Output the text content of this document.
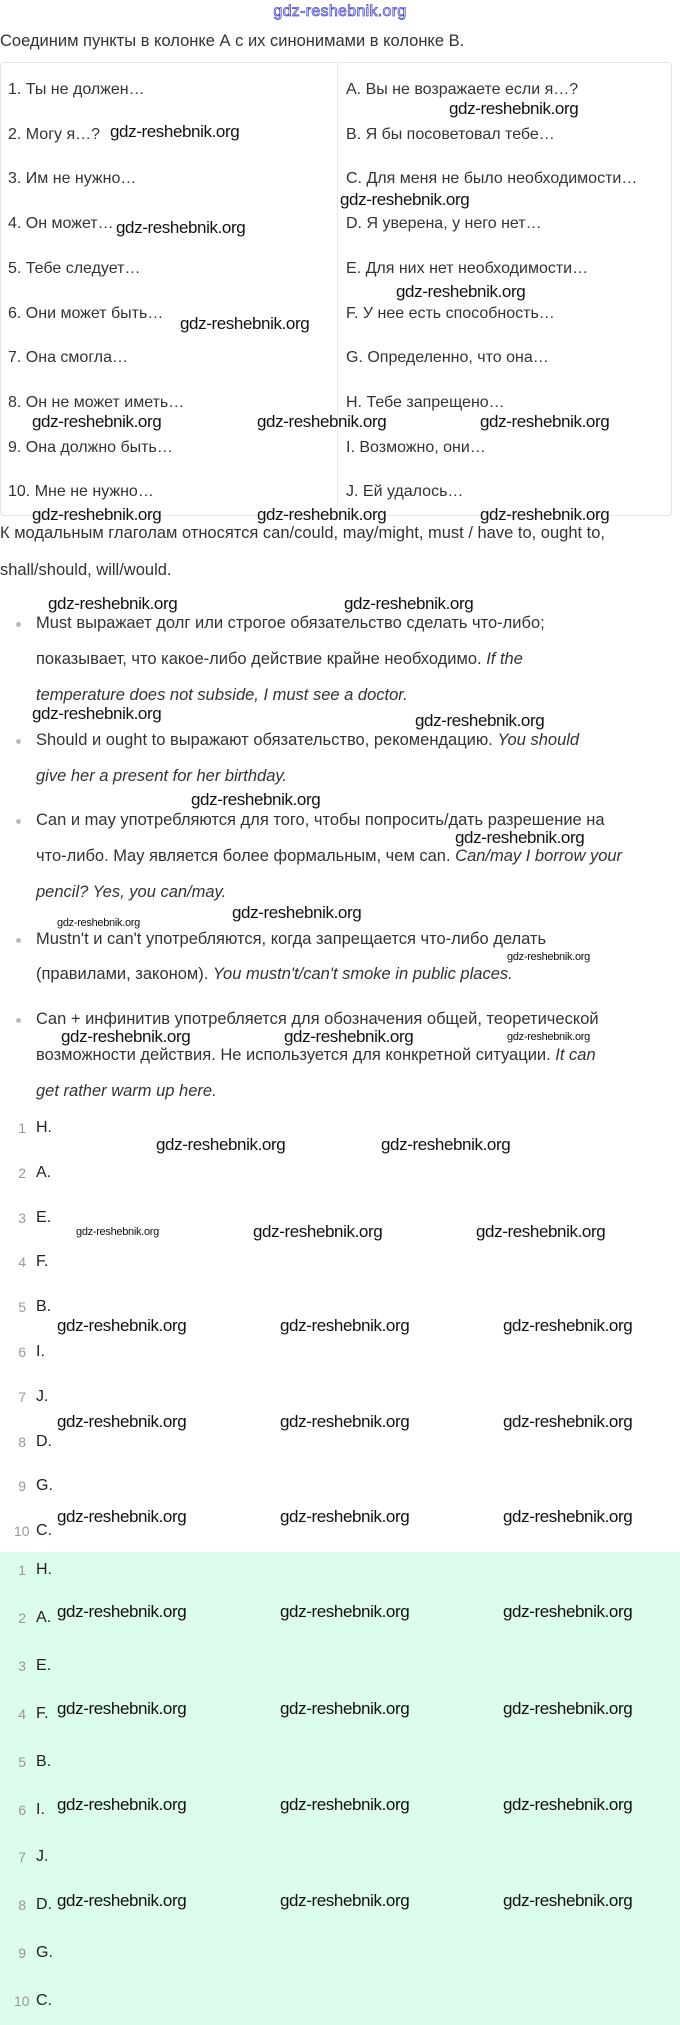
gdz-reshebnik.org
Соединим пункты в колонке А с их синонимами в колонке В.
1. Ты не должен…	A. Вы не возражаете если я…?
2. Могу я…?	B. Я бы посоветовал тебе…
3. Им не нужно…	C. Для меня не было необходимости…
4. Он может…	D. Я уверена, у него нет…
5. Тебе следует…	E. Для них нет необходимости…
6. Они может быть…	F. У нее есть способность…
7. Она смогла…	G. Определенно, что она…
8. Он не может иметь…	H. Тебе запрещено…
9. Она должно быть…	I. Возможно, они…
10. Мне не нужно…	J. Ей удалось…
К модальным глаголам относятся can/could, may/might, must / have to, ought to,
shall/should, will/would.
Must выражает долг или строгое обязательство сделать что-либо;
показывает, что какое-либо действие крайне необходимо. If the
temperature does not subside, I must see a doctor.
Should и ought to выражают обязательство, рекомендацию. You should
give her a present for her birthday.
Can и may употребляются для того, чтобы попросить/дать разрешение на
что-либо. May является более формальным, чем can. Can/may I borrow your
pencil? Yes, you can/may.
Mustn't и can't употребляются, когда запрещается что-либо делать
(правилами, законом). You mustn't/can't smoke in public places.
Can + инфинитив употребляется для обозначения общей, теоретической
возможности действия. Не используется для конкретной ситуации. It can
get rather warm up here.
1 H.
2 A.
3 E.
4 F.
5 B.
6 I.
7 J.
8 D.
9 G.
10 C.
1 H.
2 A.
3 E.
4 F.
5 B.
6 I.
7 J.
8 D.
9 G.
10 C.
gdz-reshebnik.org
gdz-reshebnik.org
gdz-reshebnik.org
gdz-reshebnik.org
gdz-reshebnik.org
gdz-reshebnik.org
gdz-reshebnik.org	gdz-reshebnik.org	gdz-reshebnik.org
gdz-reshebnik.org	gdz-reshebnik.org	gdz-reshebnik.org
gdz-reshebnik.org	gdz-reshebnik.org
gdz-reshebnik.org	gdz-reshebnik.org
gdz-reshebnik.org
gdz-reshebnik.org
gdz-reshebnik.org
gdz-reshebnik.org
gdz-reshebnik.org
gdz-reshebnik.org	gdz-reshebnik.org	gdz-reshebnik.org
gdz-reshebnik.org	gdz-reshebnik.org
gdz-reshebnik.org	gdz-reshebnik.org	gdz-reshebnik.org
gdz-reshebnik.org	gdz-reshebnik.org	gdz-reshebnik.org
gdz-reshebnik.org	gdz-reshebnik.org	gdz-reshebnik.org
gdz-reshebnik.org	gdz-reshebnik.org	gdz-reshebnik.org
gdz-reshebnik.org	gdz-reshebnik.org	gdz-reshebnik.org
gdz-reshebnik.org	gdz-reshebnik.org	gdz-reshebnik.org
gdz-reshebnik.org	gdz-reshebnik.org	gdz-reshebnik.org
gdz-reshebnik.org	gdz-reshebnik.org	gdz-reshebnik.org
